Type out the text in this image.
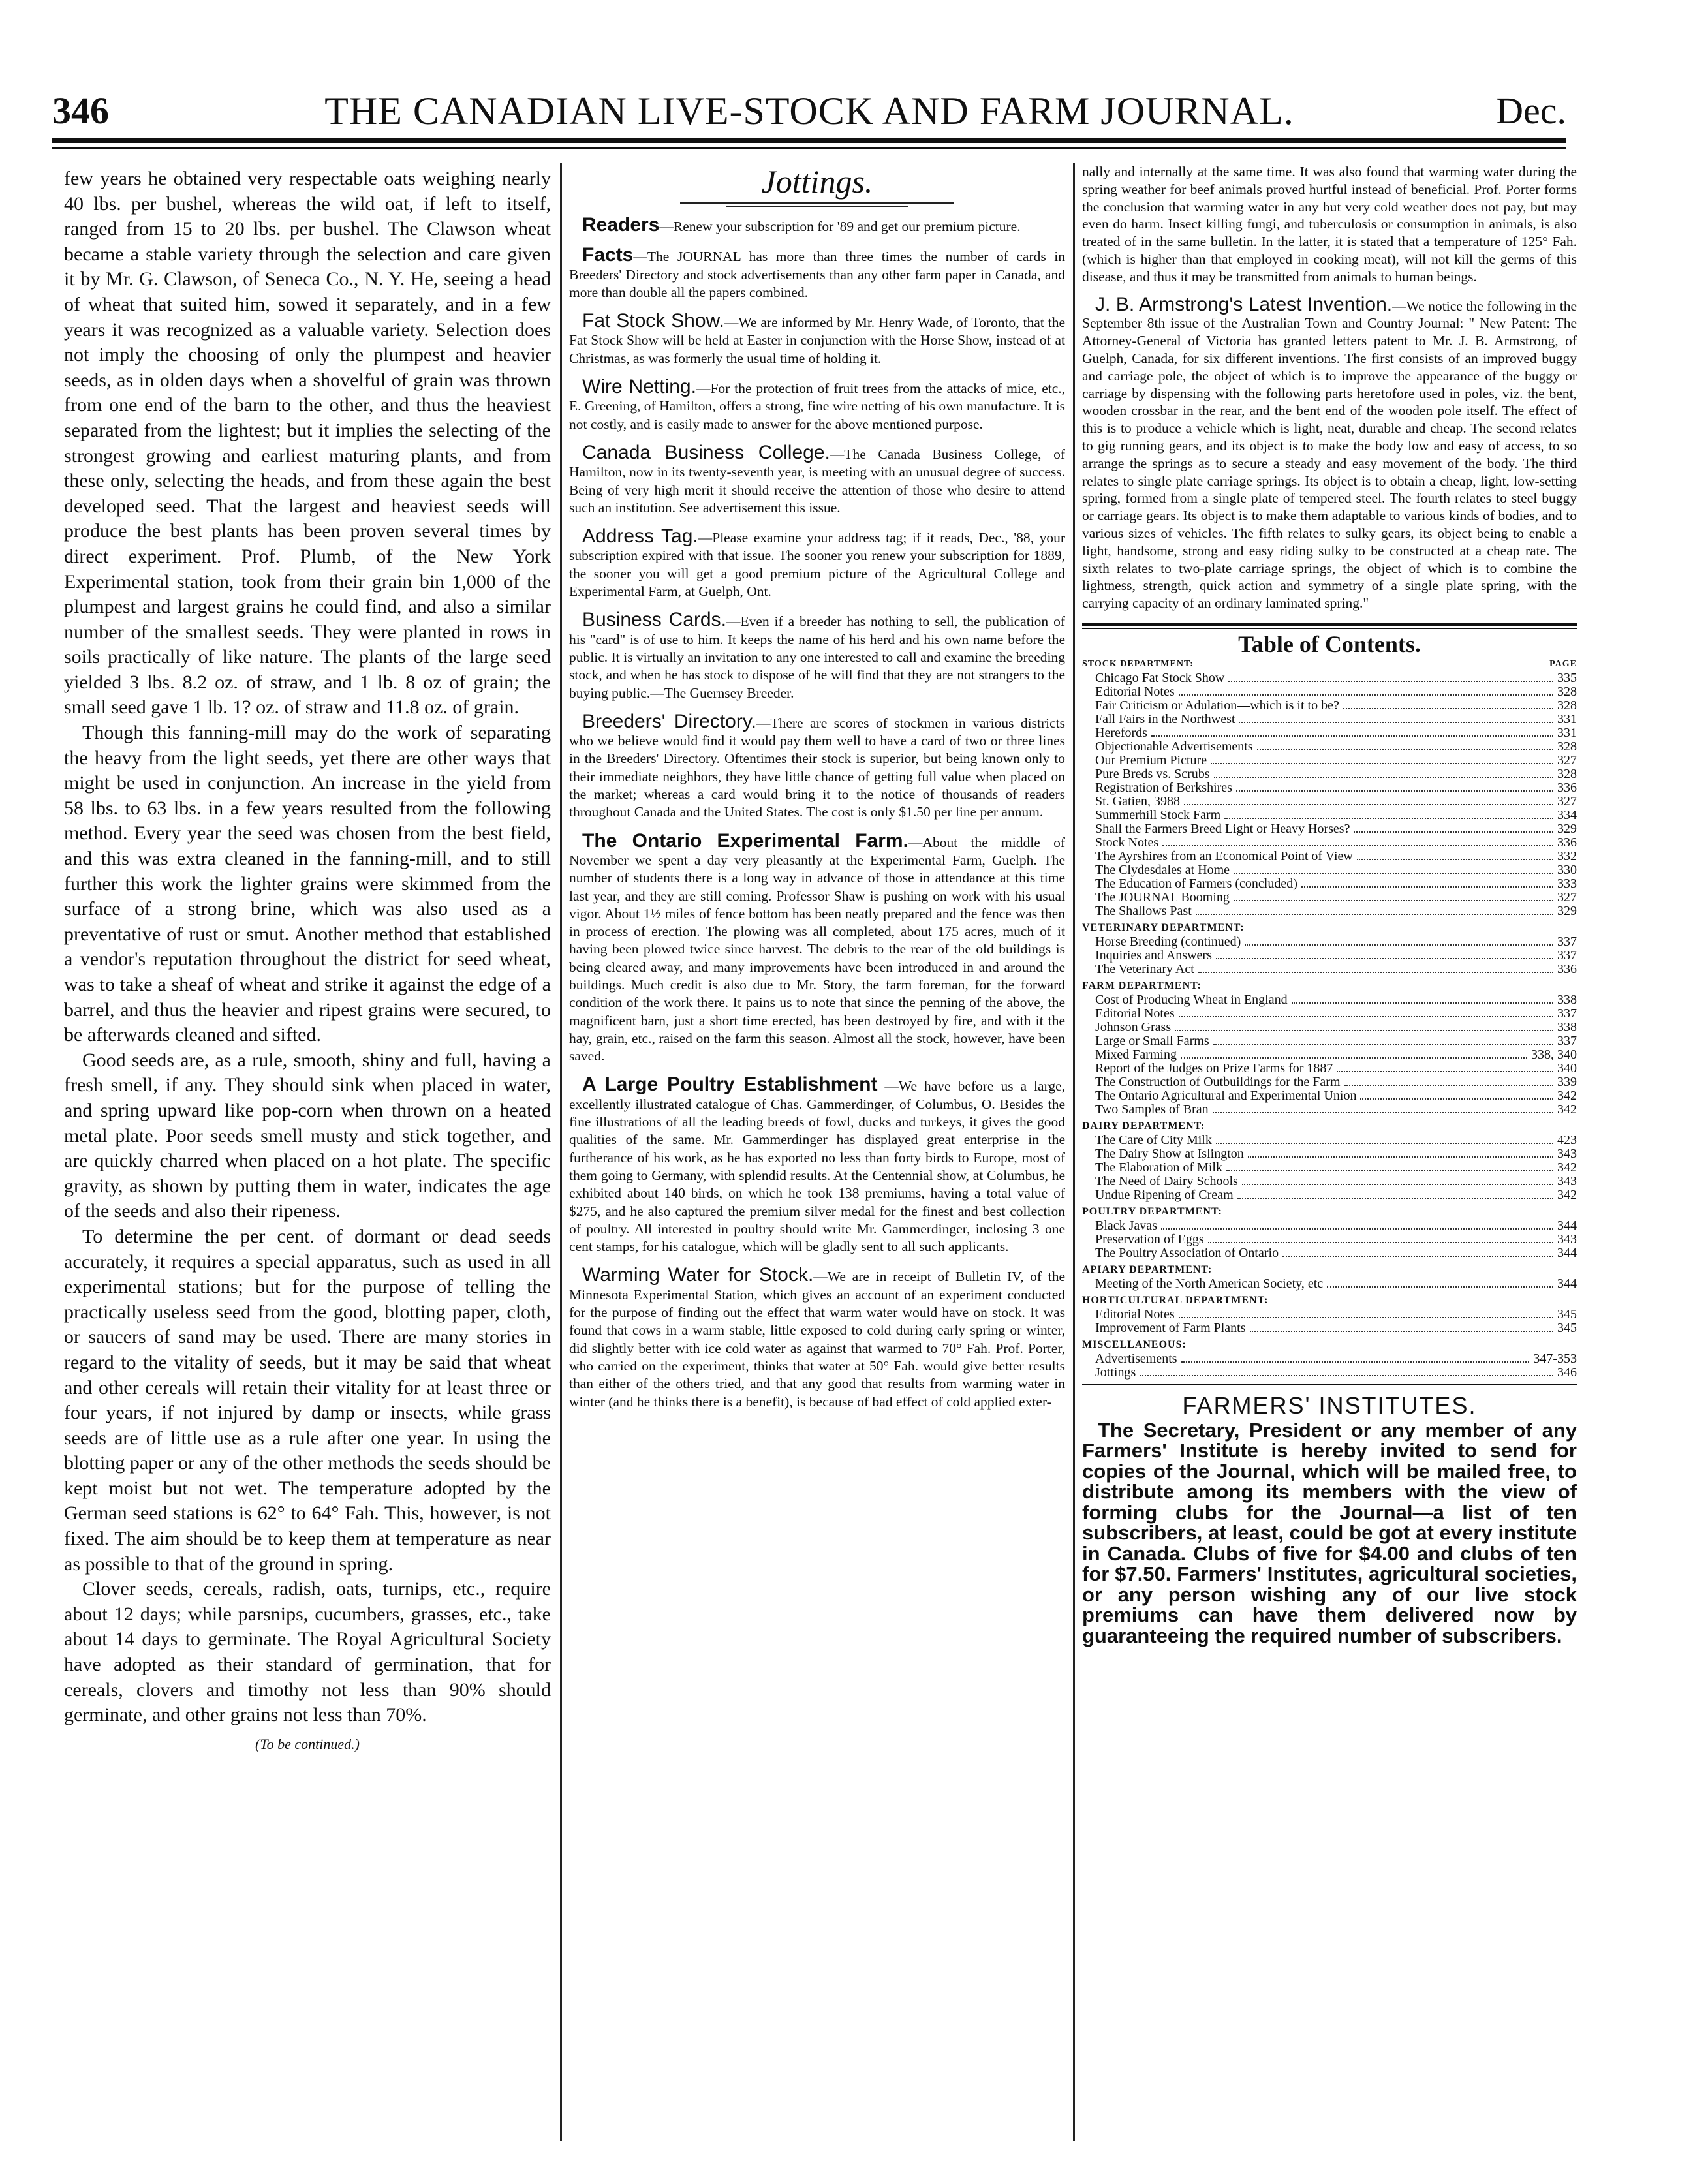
346	THE CANADIAN LIVE-STOCK AND FARM JOURNAL.	Dec.

few years he obtained very respectable oats weighing nearly 40 lbs. per bushel, whereas the wild oat, if left to itself, ranged from 15 to 20 lbs. per bushel. The Clawson wheat became a stable variety through the selection and care given it by Mr. G. Clawson, of Seneca Co., N. Y. He, seeing a head of wheat that suited him, sowed it separately, and in a few years it was recognized as a valuable variety. Selection does not imply the choosing of only the plumpest and heavier seeds, as in olden days when a shovelful of grain was thrown from one end of the barn to the other, and thus the heaviest separated from the lightest; but it implies the selecting of the strongest growing and earliest maturing plants, and from these only, selecting the heads, and from these again the best developed seed. That the largest and heaviest seeds will produce the best plants has been proven several times by direct experiment. Prof. Plumb, of the New York Experimental station, took from their grain bin 1,000 of the plumpest and largest grains he could find, and also a similar number of the smallest seeds. They were planted in rows in soils practically of like nature. The plants of the large seed yielded 3 lbs. 8.2 oz. of straw, and 1 lb. 8 oz of grain; the small seed gave 1 lb. 1? oz. of straw and 11.8 oz. of grain.

Though this fanning-mill may do the work of separating the heavy from the light seeds, yet there are other ways that might be used in conjunction. An increase in the yield from 58 lbs. to 63 lbs. in a few years resulted from the following method. Every year the seed was chosen from the best field, and this was extra cleaned in the fanning-mill, and to still further this work the lighter grains were skimmed from the surface of a strong brine, which was also used as a preventative of rust or smut. Another method that established a vendor's reputation throughout the district for seed wheat, was to take a sheaf of wheat and strike it against the edge of a barrel, and thus the heavier and ripest grains were secured, to be afterwards cleaned and sifted.

Good seeds are, as a rule, smooth, shiny and full, having a fresh smell, if any. They should sink when placed in water, and spring upward like pop-corn when thrown on a heated metal plate. Poor seeds smell musty and stick together, and are quickly charred when placed on a hot plate. The specific gravity, as shown by putting them in water, indicates the age of the seeds and also their ripeness.

To determine the per cent. of dormant or dead seeds accurately, it requires a special apparatus, such as used in all experimental stations; but for the purpose of telling the practically useless seed from the good, blotting paper, cloth, or saucers of sand may be used. There are many stories in regard to the vitality of seeds, but it may be said that wheat and other cereals will retain their vitality for at least three or four years, if not injured by damp or insects, while grass seeds are of little use as a rule after one year. In using the blotting paper or any of the other methods the seeds should be kept moist but not wet. The temperature adopted by the German seed stations is 62° to 64° Fah. This, however, is not fixed. The aim should be to keep them at temperature as near as possible to that of the ground in spring.

Clover seeds, cereals, radish, oats, turnips, etc., require about 12 days; while parsnips, cucumbers, grasses, etc., take about 14 days to germinate. The Royal Agricultural Society have adopted as their standard of germination, that for cereals, clovers and timothy not less than 90% should germinate, and other grains not less than 70%.

(To be continued.)
Jottings.

Readers—Renew your subscription for '89 and get our premium picture.

Facts—The JOURNAL has more than three times the number of cards in Breeders' Directory and stock advertisements than any other farm paper in Canada, and more than double all the papers combined.

Fat Stock Show.—We are informed by Mr. Henry Wade, of Toronto, that the Fat Stock Show will be held at Easter in conjunction with the Horse Show, instead of at Christmas, as was formerly the usual time of holding it.

Wire Netting.—For the protection of fruit trees from the attacks of mice, etc., E. Greening, of Hamilton, offers a strong, fine wire netting of his own manufacture. It is not costly, and is easily made to answer for the above mentioned purpose.

Canada Business College.—The Canada Business College, of Hamilton, now in its twenty-seventh year, is meeting with an unusual degree of success. Being of very high merit it should receive the attention of those who desire to attend such an institution. See advertisement this issue.

Address Tag.—Please examine your address tag; if it reads, Dec., '88, your subscription expired with that issue. The sooner you renew your subscription for 1889, the sooner you will get a good premium picture of the Agricultural College and Experimental Farm, at Guelph, Ont.

Business Cards.—Even if a breeder has nothing to sell, the publication of his "card" is of use to him. It keeps the name of his herd and his own name before the public. It is virtually an invitation to any one interested to call and examine the breeding stock, and when he has stock to dispose of he will find that they are not strangers to the buying public.—The Guernsey Breeder.

Breeders' Directory.—There are scores of stockmen in various districts who we believe would find it would pay them well to have a card of two or three lines in the Breeders' Directory. Oftentimes their stock is superior, but being known only to their immediate neighbors, they have little chance of getting full value when placed on the market; whereas a card would bring it to the notice of thousands of readers throughout Canada and the United States. The cost is only $1.50 per line per annum.

The Ontario Experimental Farm.—About the middle of November we spent a day very pleasantly at the Experimental Farm, Guelph. The number of students there is a long way in advance of those in attendance at this time last year, and they are still coming. Professor Shaw is pushing on work with his usual vigor. About 1½ miles of fence bottom has been neatly prepared and the fence was then in process of erection. The plowing was all completed, about 175 acres, much of it having been plowed twice since harvest. The debris to the rear of the old buildings is being cleared away, and many improvements have been introduced in and around the buildings. Much credit is also due to Mr. Story, the farm foreman, for the forward condition of the work there. It pains us to note that since the penning of the above, the magnificent barn, just a short time erected, has been destroyed by fire, and with it the hay, grain, etc., raised on the farm this season. Almost all the stock, however, have been saved.

A Large Poultry Establishment —We have before us a large, excellently illustrated catalogue of Chas. Gammerdinger, of Columbus, O. Besides the fine illustrations of all the leading breeds of fowl, ducks and turkeys, it gives the good qualities of the same. Mr. Gammerdinger has displayed great enterprise in the furtherance of his work, as he has exported no less than forty birds to Europe, most of them going to Germany, with splendid results. At the Centennial show, at Columbus, he exhibited about 140 birds, on which he took 138 premiums, having a total value of $275, and he also captured the premium silver medal for the finest and best collection of poultry. All interested in poultry should write Mr. Gammerdinger, inclosing 3 one cent stamps, for his catalogue, which will be gladly sent to all such applicants.

Warming Water for Stock.—We are in receipt of Bulletin IV, of the Minnesota Experimental Station, which gives an account of an experiment conducted for the purpose of finding out the effect that warm water would have on stock. It was found that cows in a warm stable, little exposed to cold during early spring or winter, did slightly better with ice cold water as against that warmed to 70° Fah. Prof. Porter, who carried on the experiment, thinks that water at 50° Fah. would give better results than either of the others tried, and that any good that results from warming water in winter (and he thinks there is a benefit), is because of bad effect of cold applied exter-

nally and internally at the same time. It was also found that warming water during the spring weather for beef animals proved hurtful instead of beneficial. Prof. Porter forms the conclusion that warming water in any but very cold weather does not pay, but may even do harm. Insect killing fungi, and tuberculosis or consumption in animals, is also treated of in the same bulletin. In the latter, it is stated that a temperature of 125° Fah. (which is higher than that employed in cooking meat), will not kill the germs of this disease, and thus it may be transmitted from animals to human beings.

J. B. Armstrong's Latest Invention.—We notice the following in the September 8th issue of the Australian Town and Country Journal: " New Patent: The Attorney-General of Victoria has granted letters patent to Mr. J. B. Armstrong, of Guelph, Canada, for six different inventions. The first consists of an improved buggy and carriage pole, the object of which is to improve the appearance of the buggy or carriage by dispensing with the following parts heretofore used in poles, viz. the bent, wooden crossbar in the rear, and the bent end of the wooden pole itself. The effect of this is to produce a vehicle which is light, neat, durable and cheap. The second relates to gig running gears, and its object is to make the body low and easy of access, to so arrange the springs as to secure a steady and easy movement of the body. The third relates to single plate carriage springs. Its object is to obtain a cheap, light, low-setting spring, formed from a single plate of tempered steel. The fourth relates to steel buggy or carriage gears. Its object is to make them adaptable to various kinds of bodies, and to various sizes of vehicles. The fifth relates to sulky gears, its object being to enable a light, handsome, strong and easy riding sulky to be constructed at a cheap rate. The sixth relates to two-plate carriage springs, the object of which is to combine the lightness, strength, quick action and symmetry of a single plate spring, with the carrying capacity of an ordinary laminated spring."

Table of Contents.
STOCK DEPARTMENT:	PAGE
Chicago Fat Stock Show	335
Editorial Notes	328
Fair Criticism or Adulation—which is it to be?	328
Fall Fairs in the Northwest	331
Herefords	331
Objectionable Advertisements	328
Our Premium Picture	327
Pure Breds vs. Scrubs	328
Registration of Berkshires	336
St. Gatien, 3988	327
Summerhill Stock Farm	334
Shall the Farmers Breed Light or Heavy Horses?	329
Stock Notes	336
The Ayrshires from an Economical Point of View	332
The Clydesdales at Home	330
The Education of Farmers (concluded)	333
The JOURNAL Booming	327
The Shallows Past	329
VETERINARY DEPARTMENT:
Horse Breeding (continued)	337
Inquiries and Answers	337
The Veterinary Act	336
FARM DEPARTMENT:
Cost of Producing Wheat in England	338
Editorial Notes	337
Johnson Grass	338
Large or Small Farms	337
Mixed Farming	338, 340
Report of the Judges on Prize Farms for 1887	340
The Construction of Outbuildings for the Farm	339
The Ontario Agricultural and Experimental Union	342
Two Samples of Bran	342
DAIRY DEPARTMENT:
The Care of City Milk	423
The Dairy Show at Islington	343
The Elaboration of Milk	342
The Need of Dairy Schools	343
Undue Ripening of Cream	342
POULTRY DEPARTMENT:
Black Javas	344
Preservation of Eggs	343
The Poultry Association of Ontario	344
APIARY DEPARTMENT:
Meeting of the North American Society, etc	344
HORTICULTURAL DEPARTMENT:
Editorial Notes	345
Improvement of Farm Plants	345
MISCELLANEOUS:
Advertisements	347-353
Jottings	346
FARMERS' INSTITUTES.

The Secretary, President or any member of any Farmers' Institute is hereby invited to send for copies of the Journal, which will be mailed free, to distribute among its members with the view of forming clubs for the Journal—a list of ten subscribers, at least, could be got at every institute in Canada. Clubs of five for $4.00 and clubs of ten for $7.50. Farmers' Institutes, agricultural societies, or any person wishing any of our live stock premiums can have them delivered now by guaranteeing the required number of subscribers.
